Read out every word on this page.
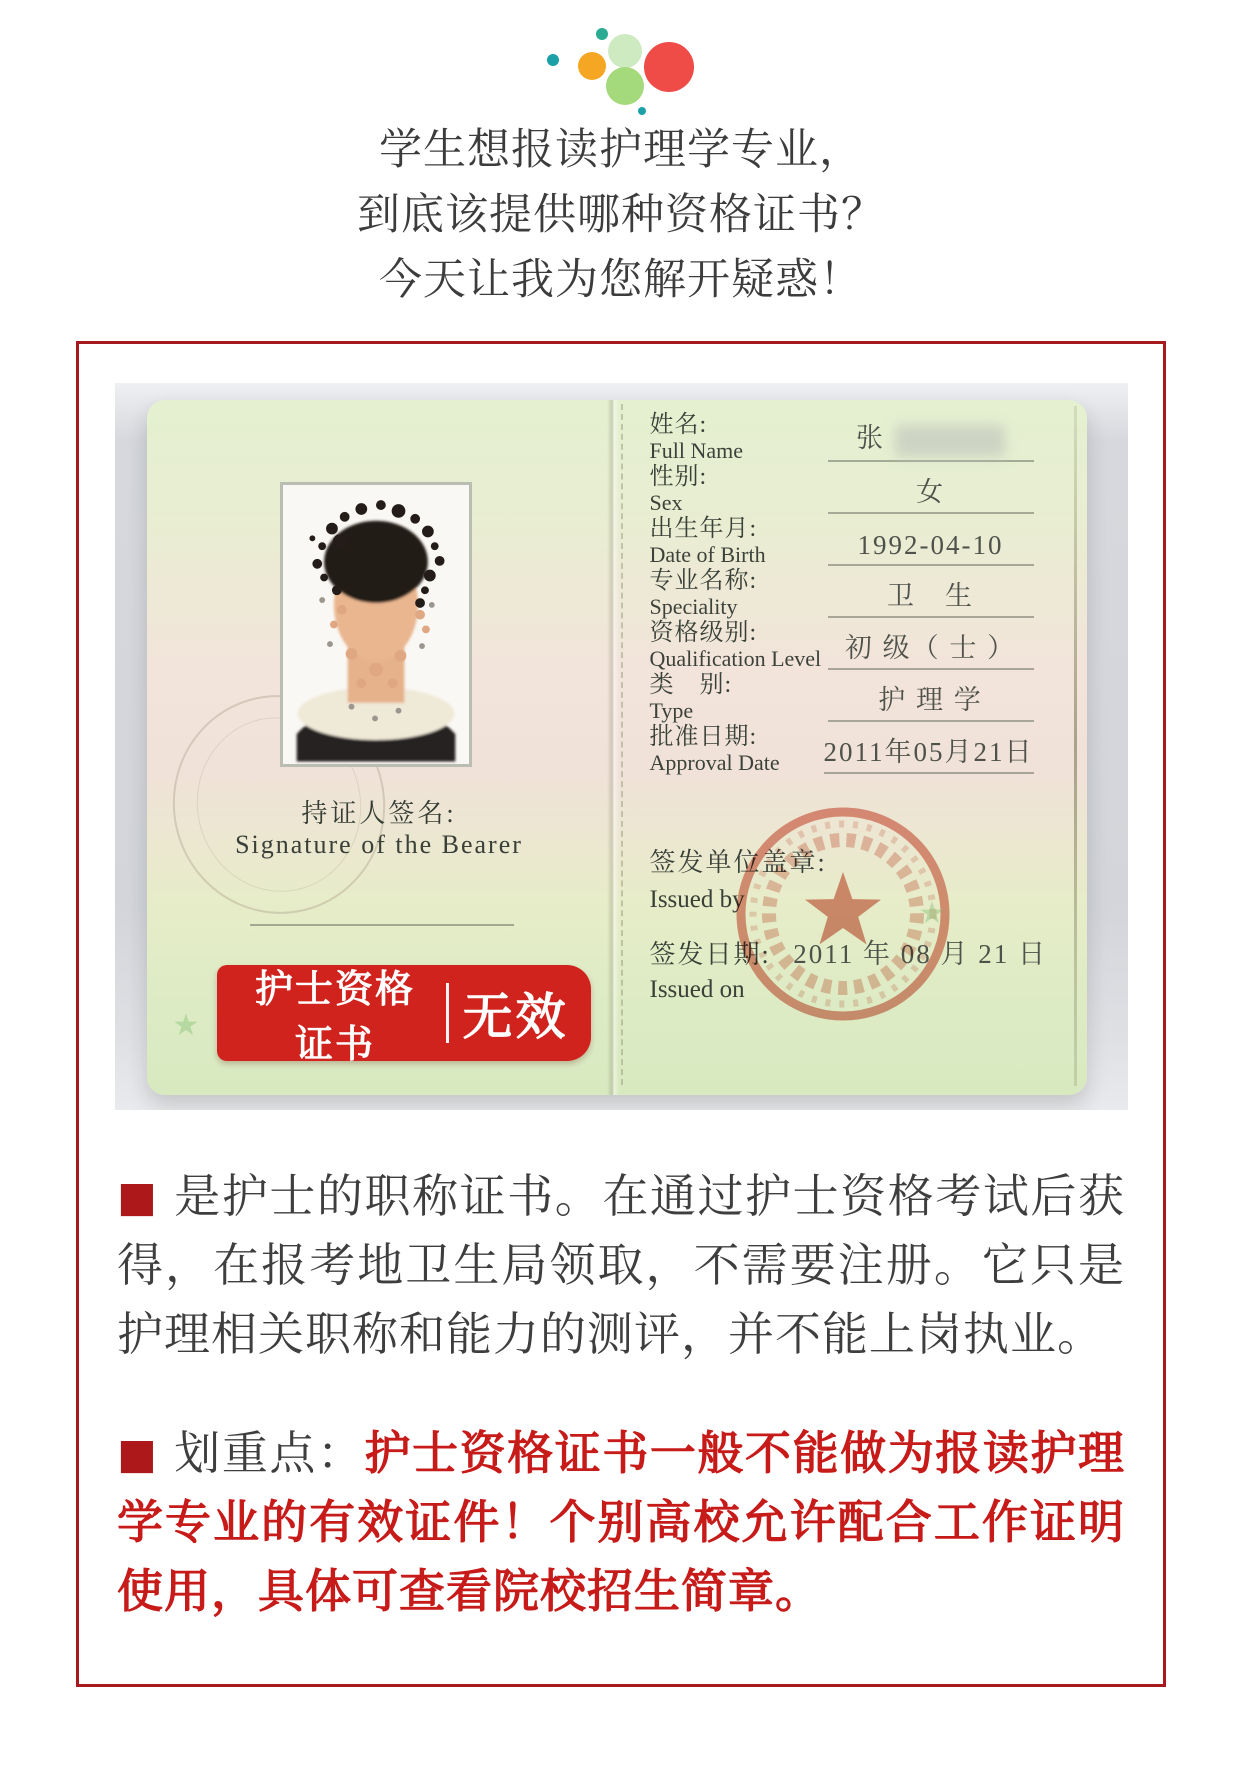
学生想报读护理学专业，
到底该提供哪种资格证书？
今天让我为您解开疑惑！
持证人签名:
Signature of the Bearer
★
护士资格证书	无效
姓名:
Full Name	张
性别:
Sex	女
出生年月:
Date of Birth	1992-04-10
专业名称:
Speciality	卫　生
资格级别:
Qualification Level 初 级（ 士 ）
类　别:
Type	护 理 学
批准日期:
Approval Date	2011年05月21日
签发单位盖章:
Issued by
签发日期: 2011 年 08 月 21 日
Issued on
★

■ 是护士的职称证书。在通过护士资格考试后获得，在报考地卫生局领取，不需要注册。它只是护理相关职称和能力的测评，并不能上岗执业。

■ 划重点：护士资格证书一般不能做为报读护理学专业的有效证件！个别高校允许配合工作证明使用，具体可查看院校招生简章。
